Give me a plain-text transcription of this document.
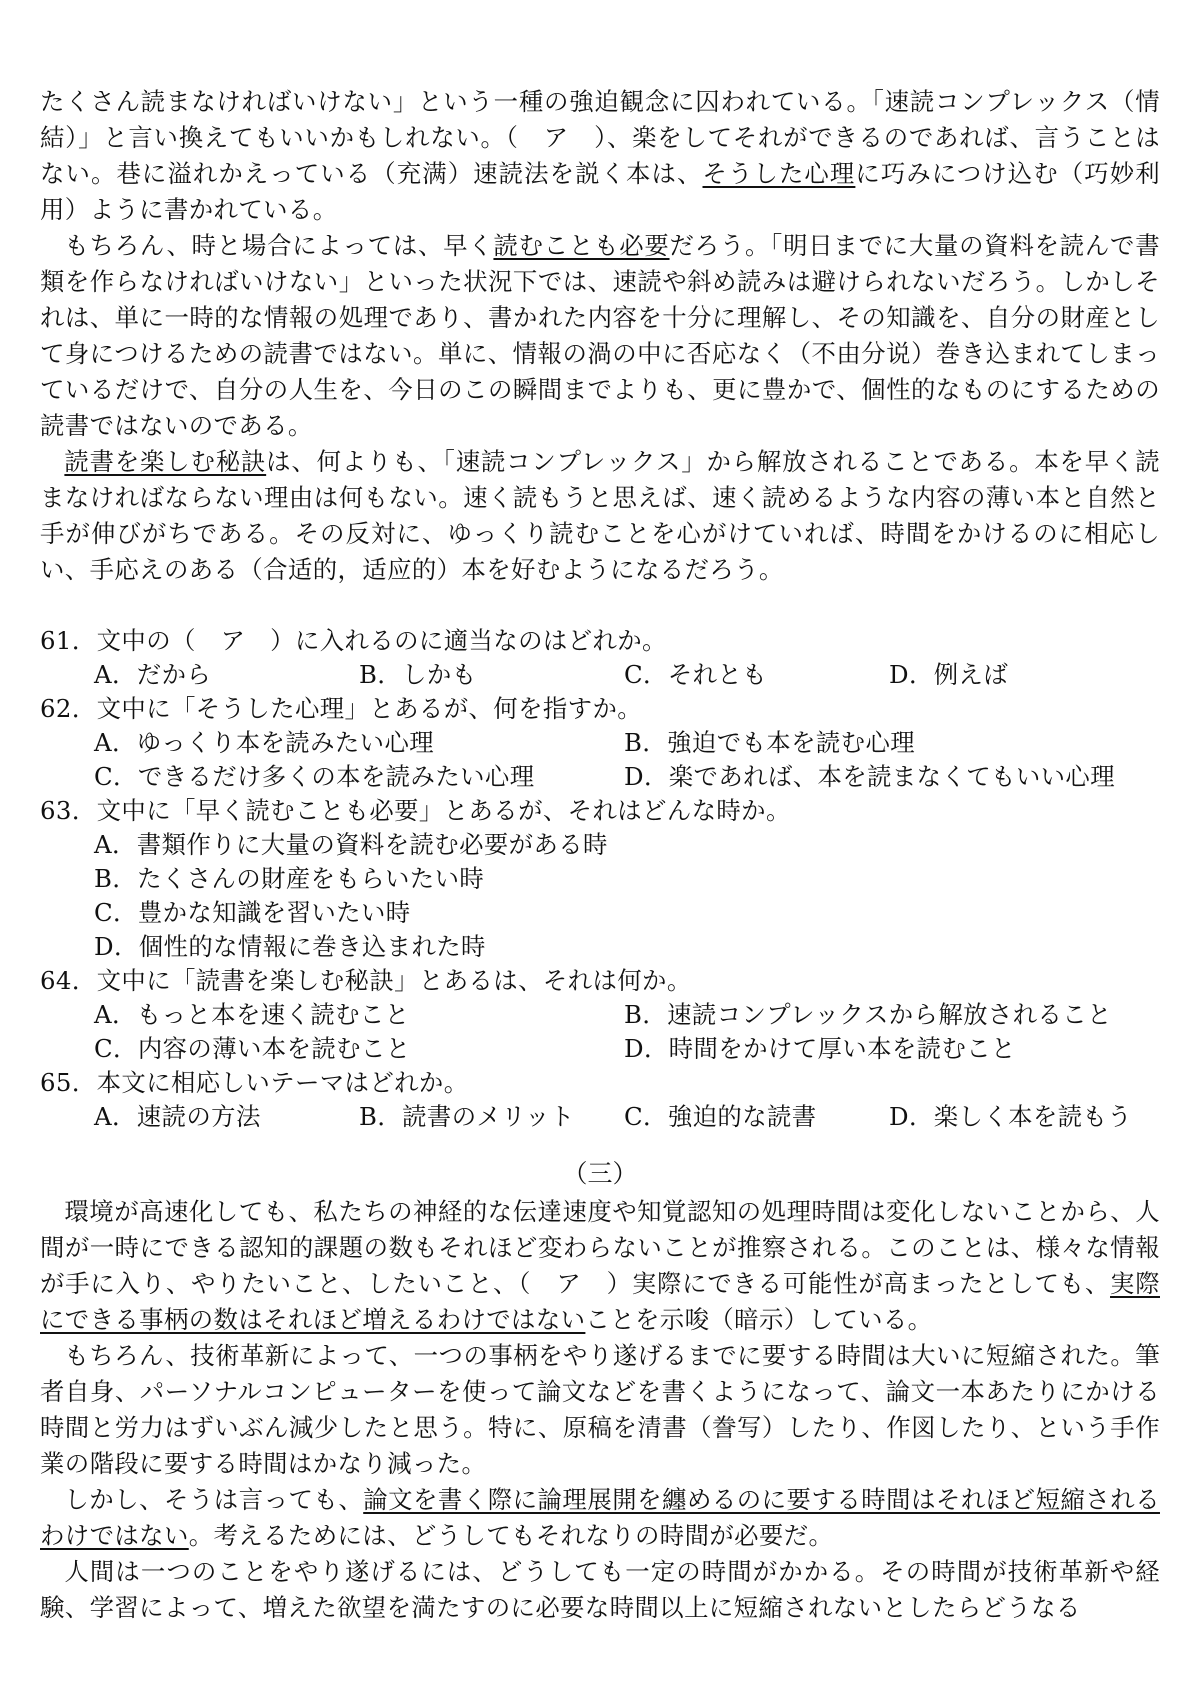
たくさん読まなければいけない」という一種の強迫観念に囚われている。「速読コンプレックス（情結）」と言い換えてもいいかもしれない。（　ア　）、楽をしてそれができるのであれば、言うことはない。巷に溢れかえっている（充满）速読法を説く本は、そうした心理に巧みにつけ込む（巧妙利用）ように書かれている。

もちろん、時と場合によっては、早く読むことも必要だろう。「明日までに大量の資料を読んで書類を作らなければいけない」といった状況下では、速読や斜め読みは避けられないだろう。しかしそれは、単に一時的な情報の処理であり、書かれた内容を十分に理解し、その知識を、自分の財産として身につけるための読書ではない。単に、情報の渦の中に否応なく（不由分说）巻き込まれてしまっているだけで、自分の人生を、今日のこの瞬間までよりも、更に豊かで、個性的なものにするための読書ではないのである。

読書を楽しむ秘訣は、何よりも、「速読コンプレックス」から解放されることである。本を早く読まなければならない理由は何もない。速く読もうと思えば、速く読めるような内容の薄い本と自然と手が伸びがちである。その反対に、ゆっくり読むことを心がけていれば、時間をかけるのに相応しい、手応えのある（合适的，适应的）本を好むようになるだろう。

61．文中の（　ア　）に入れるのに適当なのはどれか。

A．だから	B．しかも	C．それとも	D．例えば

62．文中に「そうした心理」とあるが、何を指すか。

A．ゆっくり本を読みたい心理	B．強迫でも本を読む心理
C．できるだけ多くの本を読みたい心理	D．楽であれば、本を読まなくてもいい心理

63．文中に「早く読むことも必要」とあるが、それはどんな時か。

A．書類作りに大量の資料を読む必要がある時
B．たくさんの財産をもらいたい時
C．豊かな知識を習いたい時
D．個性的な情報に巻き込まれた時

64．文中に「読書を楽しむ秘訣」とあるは、それは何か。

A．もっと本を速く読むこと	B．速読コンプレックスから解放されること
C．内容の薄い本を読むこと	D．時間をかけて厚い本を読むこと

65．本文に相応しいテーマはどれか。

A．速読の方法	B．読書のメリット	C．強迫的な読書	D．楽しく本を読もう
（三）

環境が高速化しても、私たちの神経的な伝達速度や知覚認知の処理時間は変化しないことから、人間が一時にできる認知的課題の数もそれほど変わらないことが推察される。このことは、様々な情報が手に入り、やりたいこと、したいこと、（　ア　）実際にできる可能性が高まったとしても、実際にできる事柄の数はそれほど増えるわけではないことを示唆（暗示）している。

もちろん、技術革新によって、一つの事柄をやり遂げるまでに要する時間は大いに短縮された。筆者自身、パーソナルコンピューターを使って論文などを書くようになって、論文一本あたりにかける時間と労力はずいぶん減少したと思う。特に、原稿を清書（誊写）したり、作図したり、という手作業の階段に要する時間はかなり減った。

しかし、そうは言っても、論文を書く際に論理展開を纏めるのに要する時間はそれほど短縮されるわけではない。考えるためには、どうしてもそれなりの時間が必要だ。

人間は一つのことをやり遂げるには、どうしても一定の時間がかかる。その時間が技術革新や経験、学習によって、増えた欲望を満たすのに必要な時間以上に短縮されないとしたらどうなる
